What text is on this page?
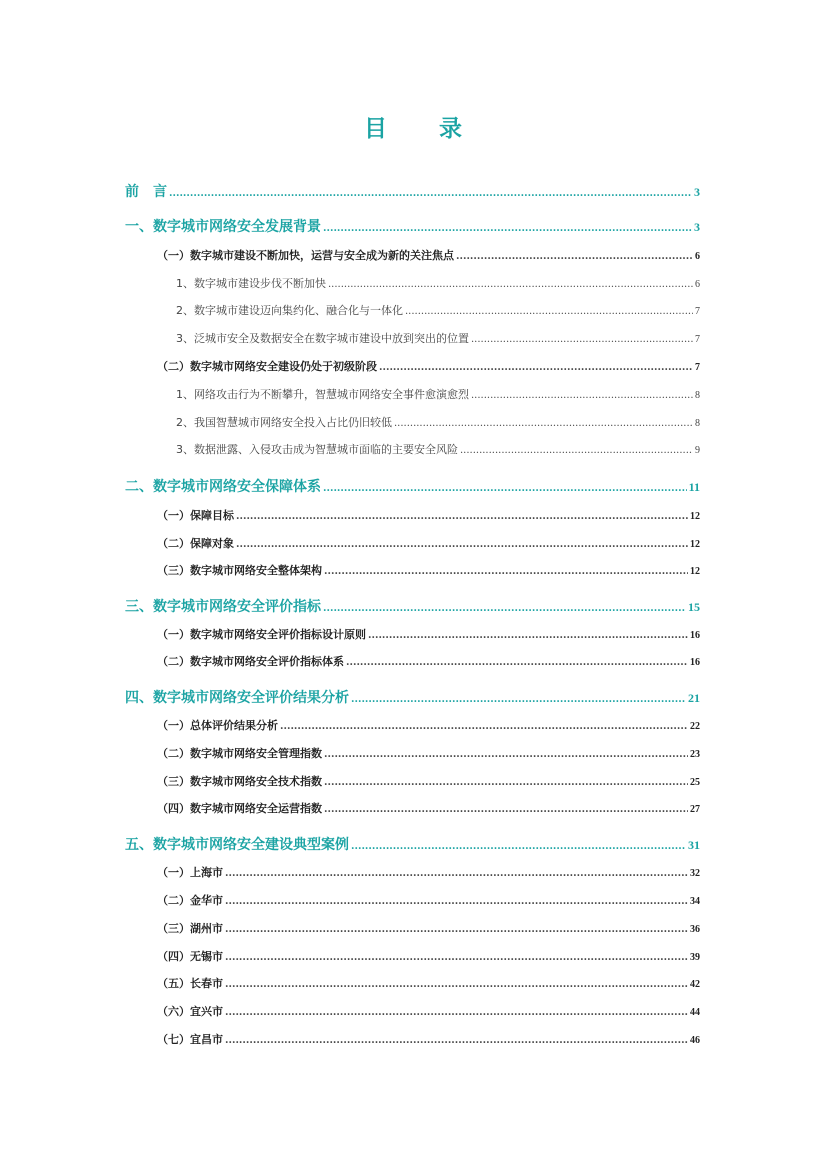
目 录
前　言 .....	3
一、数字城市网络安全发展背景 .....	3
（一）数字城市建设不断加快，运营与安全成为新的关注焦点 .....	6
1、数字城市建设步伐不断加快 .....	6
2、数字城市建设迈向集约化、融合化与一体化 .....	7
3、泛城市安全及数据安全在数字城市建设中放到突出的位置 .....	7
（二）数字城市网络安全建设仍处于初级阶段 .....	7
1、网络攻击行为不断攀升，智慧城市网络安全事件愈演愈烈 .....	8
2、我国智慧城市网络安全投入占比仍旧较低 .....	8
3、数据泄露、入侵攻击成为智慧城市面临的主要安全风险 .....	9
二、数字城市网络安全保障体系 .....	11
（一）保障目标 .....	12
（二）保障对象 .....	12
（三）数字城市网络安全整体架构 .....	12
三、数字城市网络安全评价指标 .....	15
（一）数字城市网络安全评价指标设计原则 .....	16
（二）数字城市网络安全评价指标体系 .....	16
四、数字城市网络安全评价结果分析 .....	21
（一）总体评价结果分析 .....	22
（二）数字城市网络安全管理指数 .....	23
（三）数字城市网络安全技术指数 .....	25
（四）数字城市网络安全运营指数 .....	27
五、数字城市网络安全建设典型案例 .....	31
（一）上海市 .....	32
（二）金华市 .....	34
（三）湖州市 .....	36
（四）无锡市 .....	39
（五）长春市 .....	42
（六）宜兴市 .....	44
（七）宜昌市 .....	46
